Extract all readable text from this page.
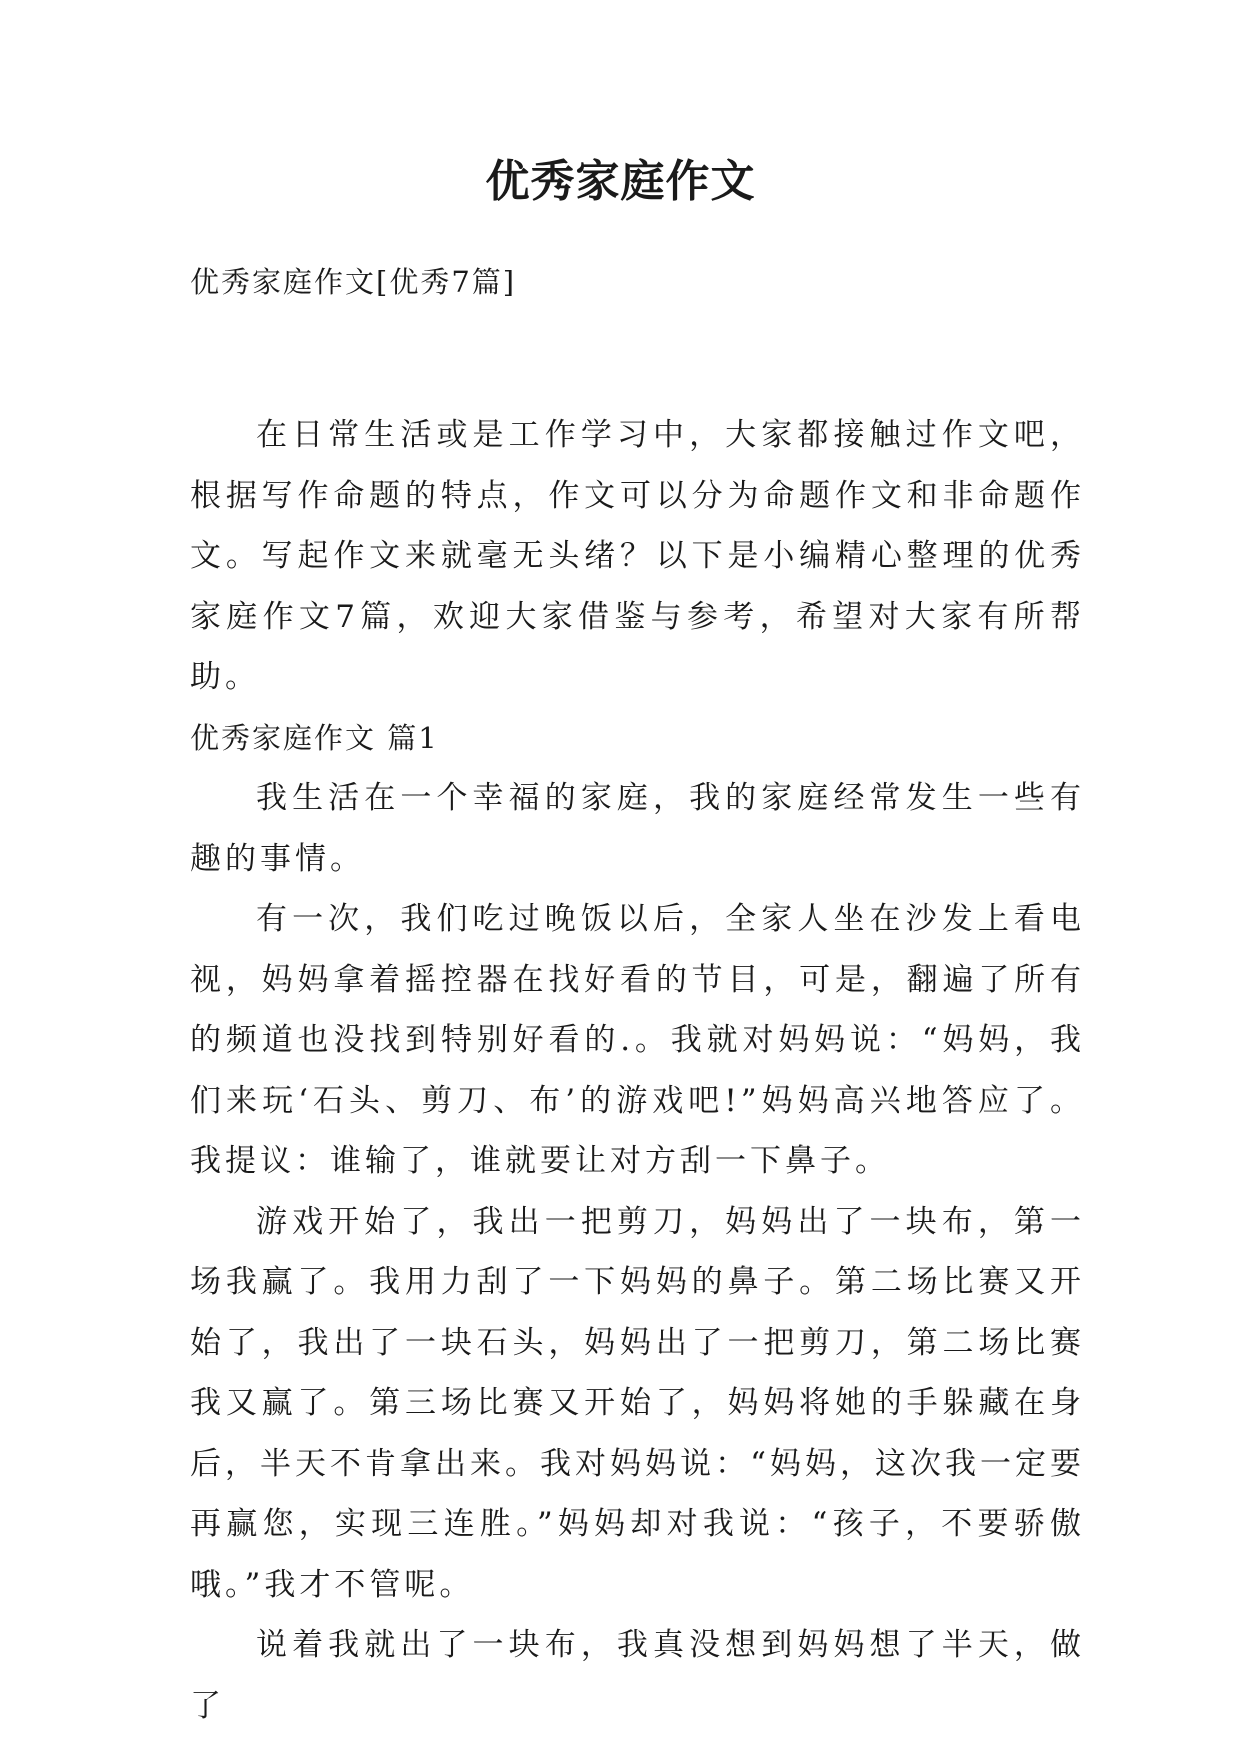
优秀家庭作文
优秀家庭作文[优秀7篇]

在日常生活或是工作学习中，大家都接触过作文吧，根据写作命题的特点，作文可以分为命题作文和非命题作文。写起作文来就毫无头绪？以下是小编精心整理的优秀家庭作文7篇，欢迎大家借鉴与参考，希望对大家有所帮助。

优秀家庭作文 篇1

我生活在一个幸福的家庭，我的家庭经常发生一些有趣的事情。

有一次，我们吃过晚饭以后，全家人坐在沙发上看电视，妈妈拿着摇控器在找好看的节目，可是，翻遍了所有的频道也没找到特别好看的.。我就对妈妈说：“妈妈，我们来玩‘石头、剪刀、布’的游戏吧!”妈妈高兴地答应了。我提议：谁输了，谁就要让对方刮一下鼻子。

游戏开始了，我出一把剪刀，妈妈出了一块布，第一场我赢了。我用力刮了一下妈妈的鼻子。第二场比赛又开始了，我出了一块石头，妈妈出了一把剪刀，第二场比赛我又赢了。第三场比赛又开始了，妈妈将她的手躲藏在身后，半天不肯拿出来。我对妈妈说：“妈妈，这次我一定要再赢您，实现三连胜。”妈妈却对我说：“孩子，不要骄傲哦。”我才不管呢。

说着我就出了一块布，我真没想到妈妈想了半天，做了
